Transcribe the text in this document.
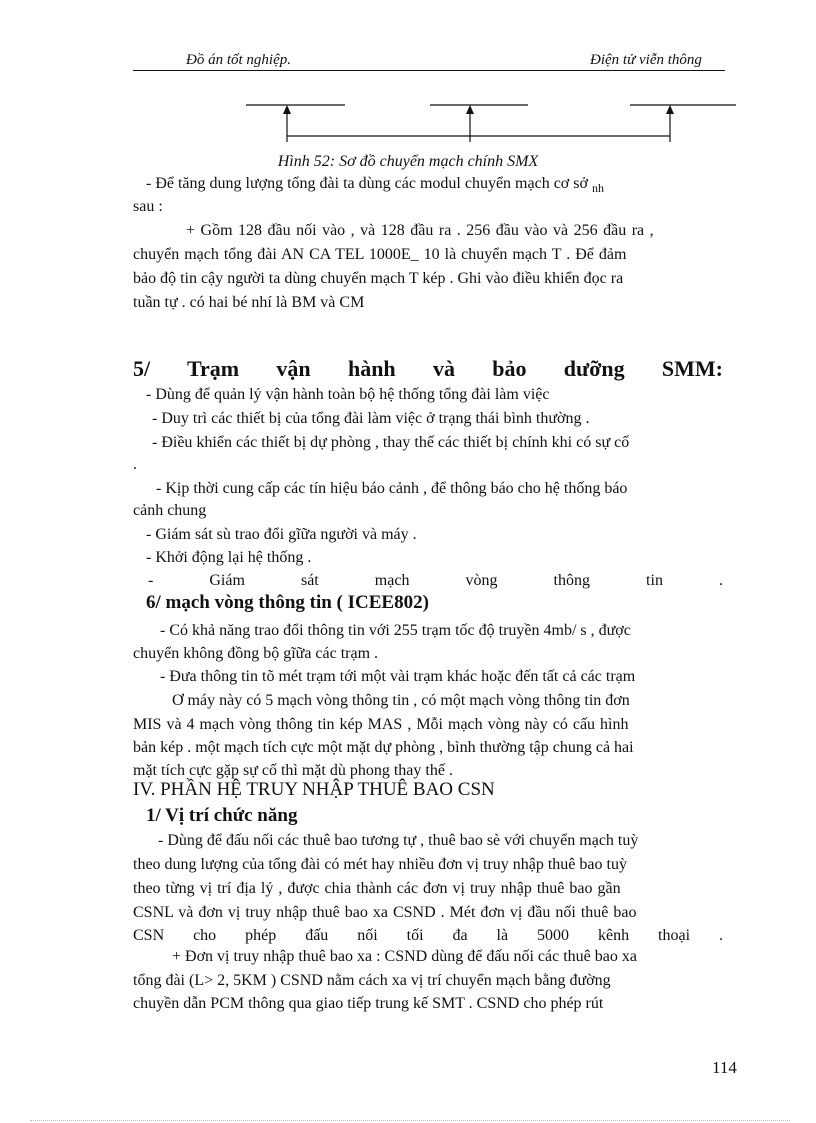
Đồ án tốt nghiệp.	Điện tử viễn thông
Hình 52: Sơ đồ chuyển mạch chính SMX
- Để tăng dung lượng tổng đài ta dùng các modul chuyển mạch cơ sở $_{nh}$
sau :
+ Gồm 128 đầu nối vào , và 128 đầu ra . 256 đầu vào và 256 đầu ra ,
chuyển mạch tổng đài AN CA TEL 1000E_ 10 là chuyển mạch T . Để đảm
bảo độ tin cậy người ta dùng chuyển mạch T kép . Ghi vào điều khiển đọc ra
tuần tự . có hai bé nhí là BM và CM
5/ Trạm vận hành và bảo dưỡng SMM:
- Dùng để quản lý vận hành toàn bộ hệ thống tổng đài làm việc
- Duy trì các thiết bị của tổng đài làm việc ở trạng thái bình thường .
- Điều khiển các thiết bị dự phòng , thay thế các thiết bị chính khi có sự cố
.
- Kịp thời cung cấp các tín hiệu báo cảnh , để thông báo cho hệ thống báo
cảnh chung
- Giám sát sù trao đổi gĩữa người và máy .
- Khởi động lại hệ thống .
- Giám sát mạch vòng thông tin .
6/ mạch vòng thông tin ( ICEE802)
- Có khả năng trao đổi thông tin với 255 trạm tốc độ truyền 4mb/ s , được
chuyển không đồng bộ gĩữa các trạm .
- Đưa thông tin tõ mét trạm tới một vài trạm khác hoặc đến tất cả các trạm
Ơ máy này có 5 mạch vòng thông tin , có một mạch vòng thông tin đơn
MIS và 4 mạch vòng thông tin kép MAS , Mỗi mạch vòng này có cấu hình
bản kép . một mạch tích cực một mặt dự phòng , bình thường tập chung cả hai
mặt tích cực gặp sự cố thì mặt dù phong thay thế .
IV. PHẦN HỆ TRUY NHẬP THUÊ BAO CSN
1/ Vị trí chức năng
- Dùng để đấu nối các thuê bao tương tự , thuê bao sè với chuyển mạch tuỳ
theo dung lượng của tổng đài có mét hay nhiều đơn vị truy nhập thuê bao tuỳ
theo từng vị trí địa lý , được chia thành các đơn vị truy nhập thuê bao gần
CSNL và đơn vị truy nhập thuê bao xa CSND . Mét đơn vị đầu nối thuê bao
CSN cho phép đấu nối tối đa là 5000 kênh thoại .
+ Đơn vị truy nhập thuê bao xa : CSND dùng để đấu nối các thuê bao xa
tổng đài (L> 2, 5KM ) CSND nằm cách xa vị trí chuyển mạch bằng đường
chuyền dẫn PCM thông qua giao tiếp trung kế SMT . CSND cho phép rút
114
